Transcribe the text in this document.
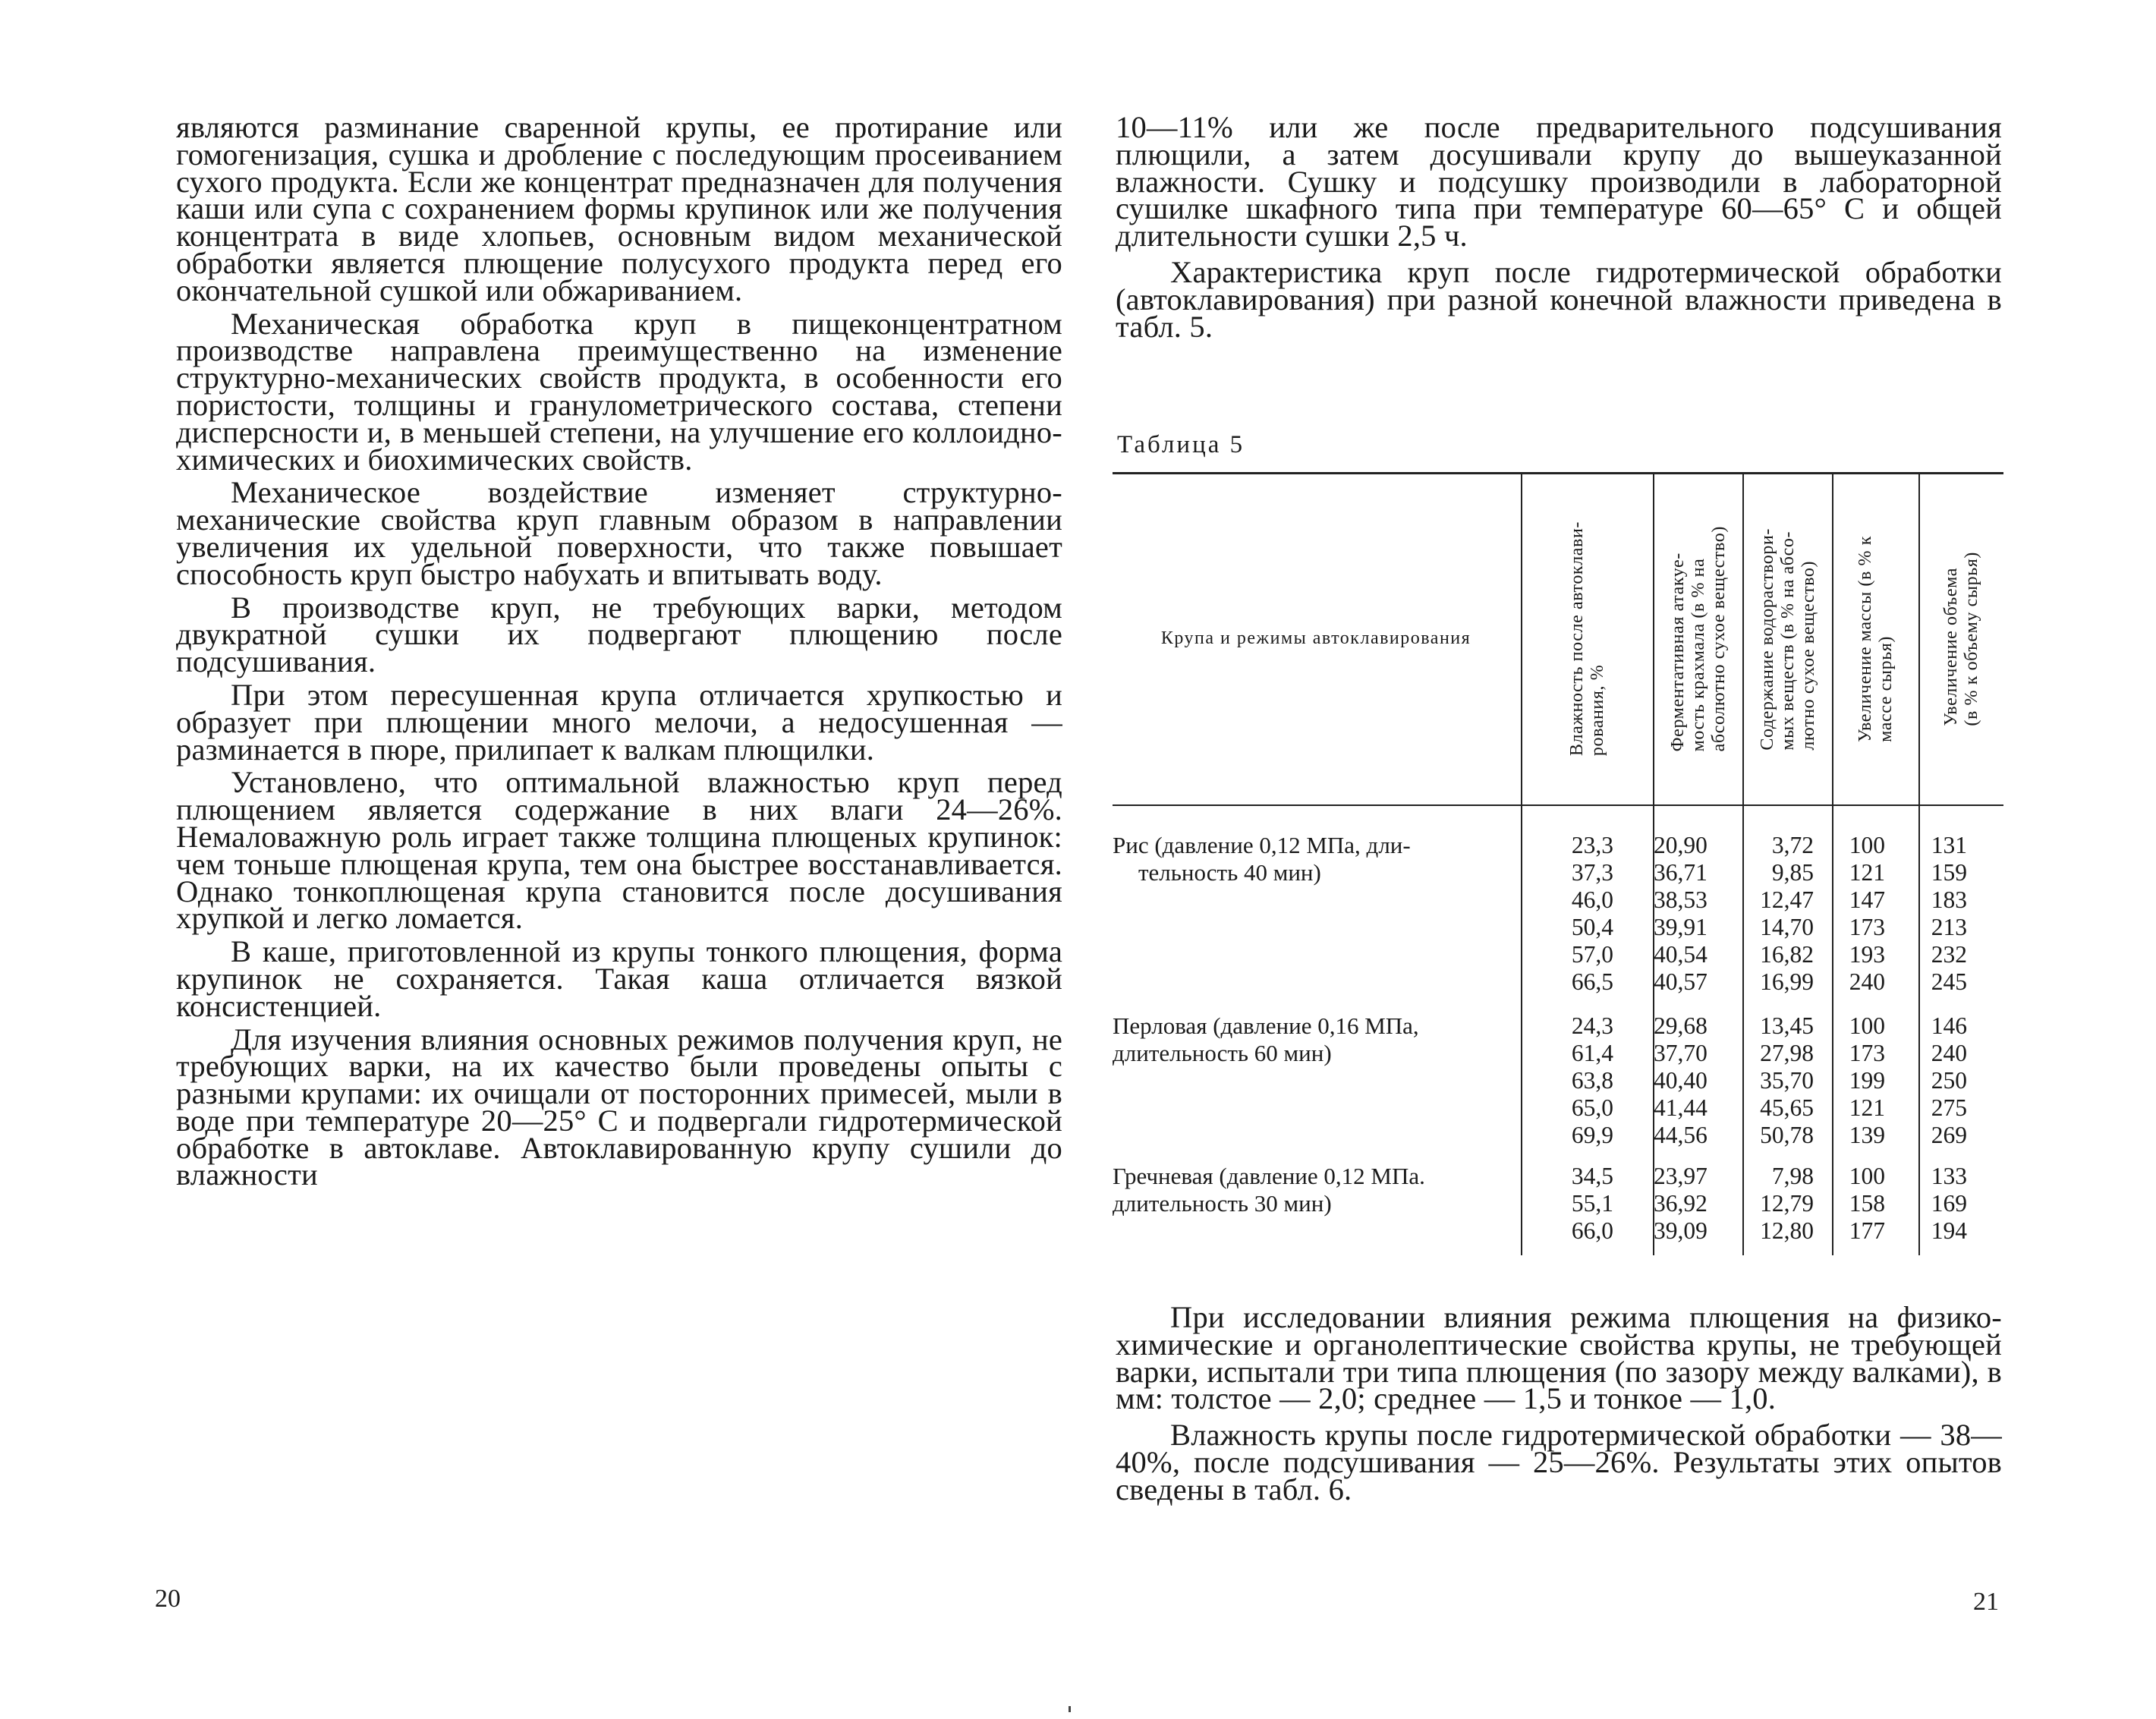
являются разминание сваренной крупы, ее протирание или гомогенизация, сушка и дробление с последующим просеиванием сухого продукта. Если же концентрат предназначен для получения каши или супа с сохранением формы крупинок или же получения концентрата в виде хлопьев, основным видом механической обработки является плющение полусухого продукта перед его окончательной сушкой или обжариванием.

Механическая обработка круп в пищеконцентратном производстве направлена преимущественно на изменение структурно-механических свойств продукта, в особенности его пористости, толщины и гранулометрического состава, степени дисперсности и, в меньшей степени, на улучшение его коллоидно-химических и биохимических свойств.

Механическое воздействие изменяет структурно-механические свойства круп главным образом в направлении увеличения их удельной поверхности, что также повышает способность круп быстро набухать и впитывать воду.

В производстве круп, не требующих варки, методом двукратной сушки их подвергают плющению после подсушивания.

При этом пересушенная крупа отличается хрупкостью и образует при плющении много мелочи, а недосушенная — разминается в пюре, прилипает к валкам плющилки.

Установлено, что оптимальной влажностью круп перед плющением является содержание в них влаги 24—26%. Немаловажную роль играет также толщина плющеных крупинок: чем тоньше плющеная крупа, тем она быстрее восстанавливается. Однако тонкоплющеная крупа становится после досушивания хрупкой и легко ломается.

В каше, приготовленной из крупы тонкого плющения, форма крупинок не сохраняется. Такая каша отличается вязкой консистенцией.

Для изучения влияния основных режимов получения круп, не требующих варки, на их качество были проведены опыты с разными крупами: их очищали от посторонних примесей, мыли в воде при температуре 20—25° С и подвергали гидротермической обработке в автоклаве. Автоклавированную крупу сушили до влажности

20

10—11% или же после предварительного подсушивания плющили, а затем досушивали крупу до вышеуказанной влажности. Сушку и подсушку производили в лабораторной сушилке шкафного типа при температуре 60—65° С и общей длительности сушки 2,5 ч.

Характеристика круп после гидротермической обработки (автоклавирования) при разной конечной влажности приведена в табл. 5.

Таблица 5
Крупа и режимы автоклавирования
Влажность после автоклави-
рования, %	Ферментативная атакуе-
мость крахмала (в % на
абсолютно сухое вещество)
Содержание водораствори-
мых веществ (в % на абсо-
лютно сухое вещество)
Увеличение массы (в % к
массе сырья)	Увеличение объема
(в % к объему сырья)
Рис (давление 0,12 МПа, дли-
тельность 40 мин)
23,3
37,3
46,0
50,4
57,0
66,5
20,90
36,71
38,53
39,91
40,54
40,57
3,72
9,85
12,47
14,70
16,82
16,99
100
121
147
173
193
240
131
159
183
213
232
245
Перловая (давление 0,16 МПа,
длительность 60 мин)
24,3
61,4
63,8
65,0
69,9
29,68
37,70
40,40
41,44
44,56
13,45
27,98
35,70
45,65
50,78
100
173
199
121
139
146
240
250
275
269
Гречневая (давление 0,12 МПа.
длительность 30 мин)
34,5
55,1
66,0
23,97
36,92
39,09
7,98
12,79
12,80
100
158
177
133
169
194

При исследовании влияния режима плющения на физико-химические и органолептические свойства крупы, не требующей варки, испытали три типа плющения (по зазору между валками), в мм: толстое — 2,0; среднее — 1,5 и тонкое — 1,0.

Влажность крупы после гидротермической обработки — 38—40%, после подсушивания — 25—26%. Результаты этих опытов сведены в табл. 6.

21
